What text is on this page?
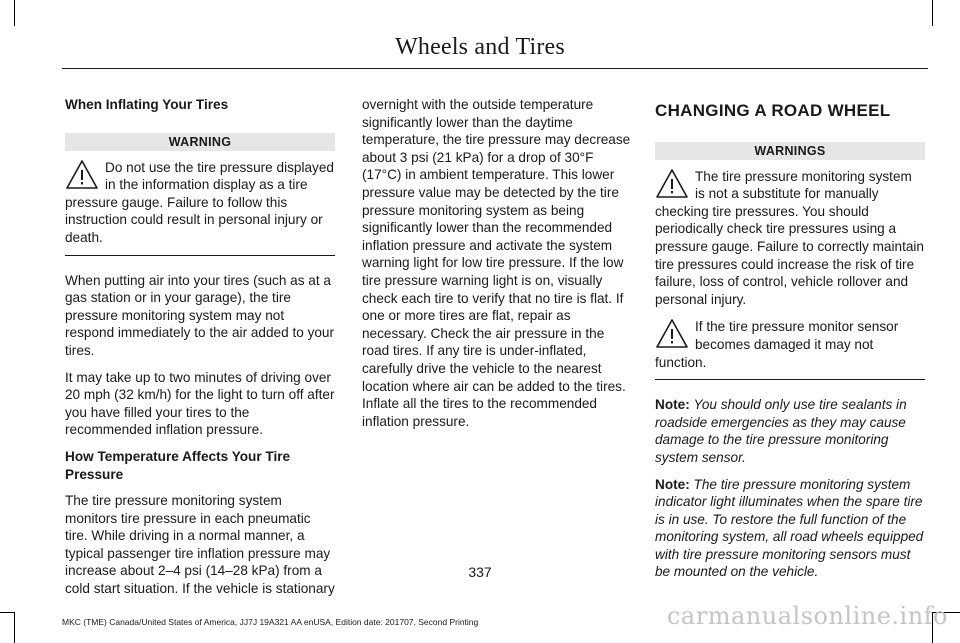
Wheels and Tires
When Inflating Your Tires
WARNING
Do not use the tire pressure displayed in the information display as a tire pressure gauge. Failure to follow this instruction could result in personal injury or death.

When putting air into your tires (such as at a gas station or in your garage), the tire pressure monitoring system may not respond immediately to the air added to your tires.

It may take up to two minutes of driving over 20 mph (32 km/h) for the light to turn off after you have filled your tires to the recommended inflation pressure.

How Temperature Affects Your Tire Pressure

The tire pressure monitoring system monitors tire pressure in each pneumatic tire. While driving in a normal manner, a typical passenger tire inflation pressure may increase about 2–4 psi (14–28 kPa) from a cold start situation. If the vehicle is stationary

overnight with the outside temperature significantly lower than the daytime temperature, the tire pressure may decrease about 3 psi (21 kPa) for a drop of 30°F (17°C) in ambient temperature. This lower pressure value may be detected by the tire pressure monitoring system as being significantly lower than the recommended inflation pressure and activate the system warning light for low tire pressure. If the low tire pressure warning light is on, visually check each tire to verify that no tire is flat. If one or more tires are flat, repair as necessary. Check the air pressure in the road tires. If any tire is under-inflated, carefully drive the vehicle to the nearest location where air can be added to the tires. Inflate all the tires to the recommended inflation pressure.

CHANGING A ROAD WHEEL
WARNINGS
The tire pressure monitoring system is not a substitute for manually checking tire pressures. You should periodically check tire pressures using a pressure gauge. Failure to correctly maintain tire pressures could increase the risk of tire failure, loss of control, vehicle rollover and personal injury.
If the tire pressure monitor sensor becomes damaged it may not function.

Note: You should only use tire sealants in roadside emergencies as they may cause damage to the tire pressure monitoring system sensor.

Note: The tire pressure monitoring system indicator light illuminates when the spare tire is in use. To restore the full function of the monitoring system, all road wheels equipped with tire pressure monitoring sensors must be mounted on the vehicle.

337
MKC (TME) Canada/United States of America, JJ7J 19A321 AA enUSA, Edition date: 201707, Second Printing	carmanualsonline.info
